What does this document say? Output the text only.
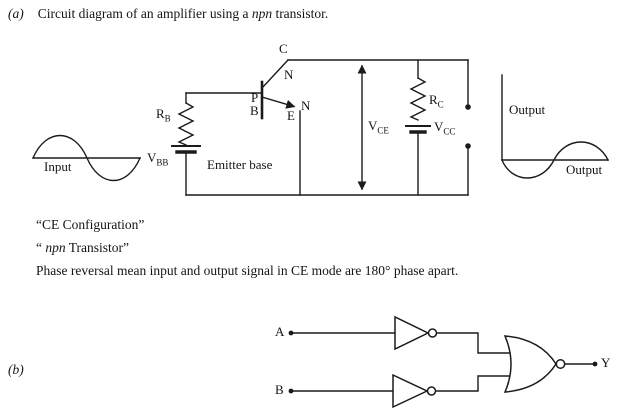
(a) Circuit diagram of an amplifier using a npn transistor.
Input
$R_B$
$V_{BB}$	Emitter base
C
N
P
B E
N
$V_{CE}$
$R_C$
$V_{CC}$
Output
Output
“CE Configuration”
“ npn Transistor”
Phase reversal mean input and output signal in CE mode are 180° phase apart.
(b)
A
B
Y
